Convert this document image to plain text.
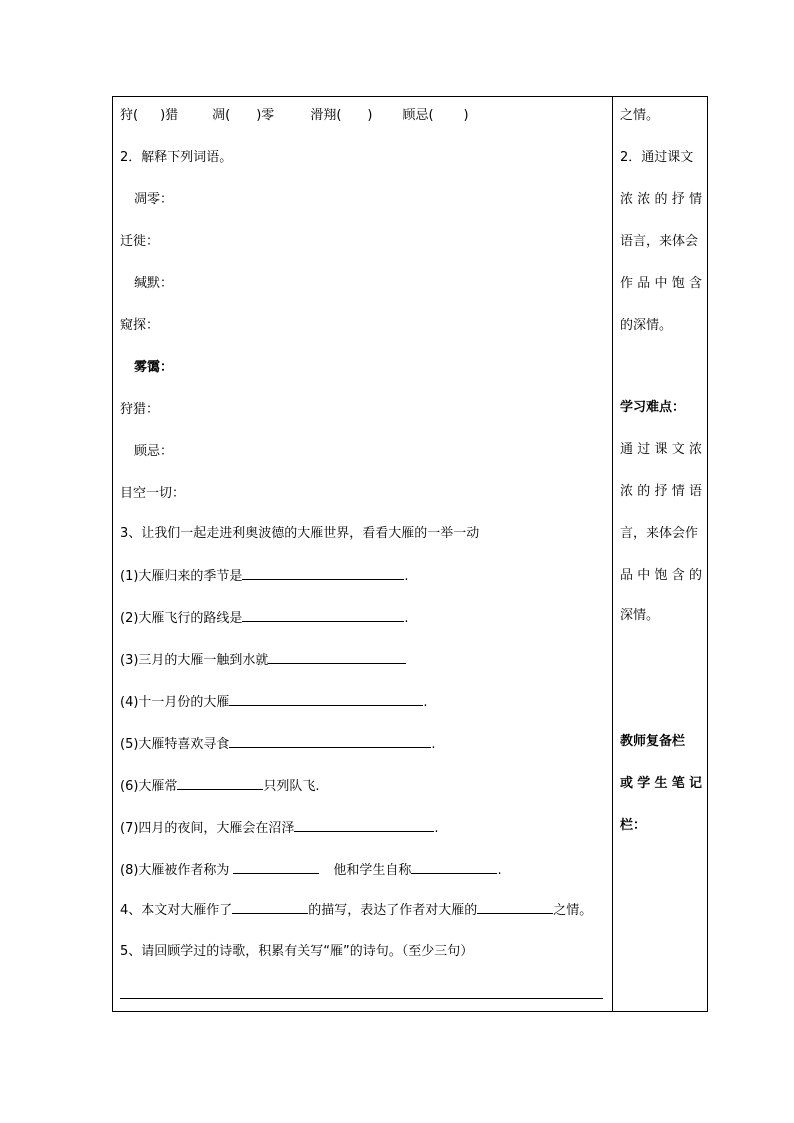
狩( )猎	凋( )零	滑翔( ) 顾忌( )
2．解释下列词语。
凋零：
迁徙：
缄默：
窥探：
雾霭：
狩猎：
顾忌：
目空一切：
3、让我们一起走进利奥波德的大雁世界，看看大雁的一举一动
(1)大雁归来的季节是	.
(2)大雁飞行的路线是	.
(3)三月的大雁一触到水就
(4)十一月份的大雁	.
(5)大雁特喜欢寻食	.
(6)大雁常	只列队飞.
(7)四月的夜间，大雁会在沼泽	.
(8)大雁被作者称为	他和学生自称	.
4、本文对大雁作了	的描写，表达了作者对大雁的	之情。
5、请回顾学过的诗歌，积累有关写“雁”的诗句。（至少三句）
之情。
2．通过课文
浓 浓 的 抒 情
语言，来体会
作 品 中 饱 含
的深情。
学习难点：
通 过 课 文 浓
浓 的 抒 情 语
言，来体会作
品 中 饱 含 的
深情。
教师复备栏
或 学 生 笔 记
栏：
